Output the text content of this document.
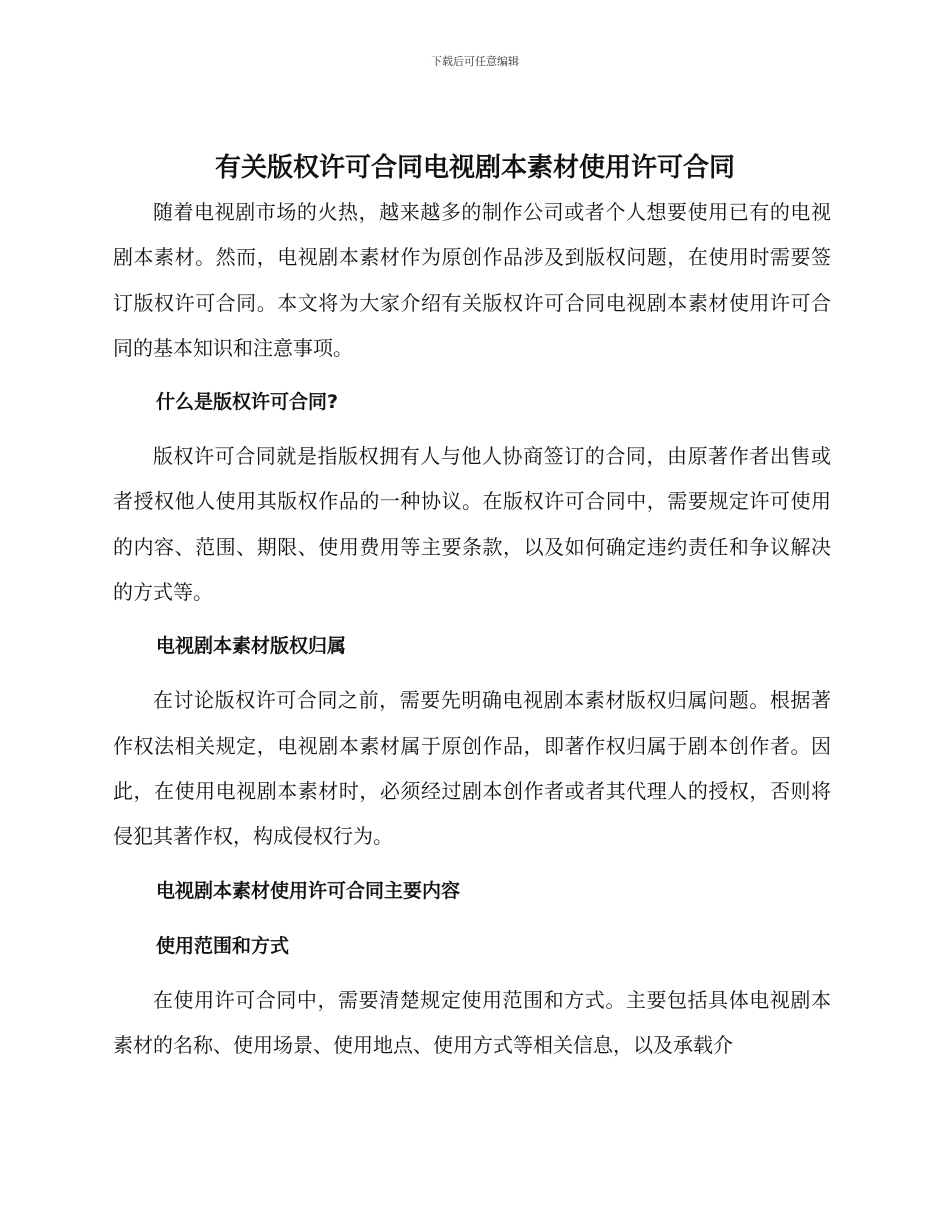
下载后可任意编辑
有关版权许可合同电视剧本素材使用许可合同

随着电视剧市场的火热，越来越多的制作公司或者个人想要使用已有的电视剧本素材。然而，电视剧本素材作为原创作品涉及到版权问题，在使用时需要签订版权许可合同。本文将为大家介绍有关版权许可合同电视剧本素材使用许可合同的基本知识和注意事项。

什么是版权许可合同?

版权许可合同就是指版权拥有人与他人协商签订的合同，由原著作者出售或者授权他人使用其版权作品的一种协议。在版权许可合同中，需要规定许可使用的内容、范围、期限、使用费用等主要条款，以及如何确定违约责任和争议解决的方式等。

电视剧本素材版权归属

在讨论版权许可合同之前，需要先明确电视剧本素材版权归属问题。根据著作权法相关规定，电视剧本素材属于原创作品，即著作权归属于剧本创作者。因此，在使用电视剧本素材时，必须经过剧本创作者或者其代理人的授权，否则将侵犯其著作权，构成侵权行为。

电视剧本素材使用许可合同主要内容

使用范围和方式

在使用许可合同中，需要清楚规定使用范围和方式。主要包括具体电视剧本素材的名称、使用场景、使用地点、使用方式等相关信息，以及承载介
